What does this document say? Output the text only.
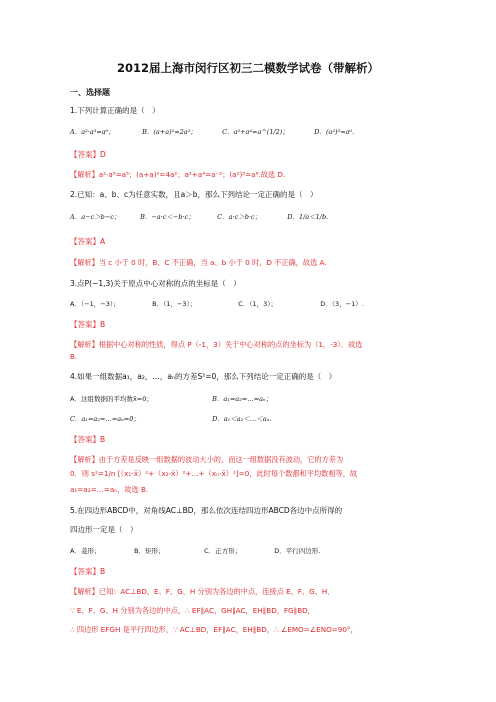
2012届上海市闵行区初三二模数学试卷（带解析）
一、选择题
1.下列计算正确的是（　）
A．a²·a³=a⁶；	B．(a+a)²=2a²；	C．a²+a⁴=a^(1/2)；	D．(a²)³=a⁶.
【答案】D
【解析】a²·a³=a⁵；(a+a)²=4a²；a²+a⁴=a⁻²；(a²)³=a⁶.故选 D.
2.已知：a、b、c为任意实数，且a＞b，那么下列结论一定正确的是（　）
A．a−c＞b−c；	B．−a·c＜−b·c；	C．a·c＞b·c；	D．1/a＜1/b.
【答案】A
【解析】当 c 小于 0 时，B、C 不正确，当 a、b 小于 0 时，D 不正确，故选 A.
3.点P(−1,3)关于原点中心对称的点的坐标是（　）
A．（−1，−3）；	B．（1，−3）；	C．（1，3）；	D．（3，−1）.
【答案】B
【解析】根据中心对称的性质，得点 P（-1，3）关于中心对称的点的坐标为（1，-3）．故选
B.
4.如果一组数据a₁，a₂，…，aₙ的方差S²=0，那么下列结论一定正确的是（　）
A．这组数据的平均数x̄=0；	B．a₁=a₂=…=aₙ；
C．a₁=a₂=…=aₙ=0；	D．a₁＜a₂＜…＜aₙ.
【答案】B
【解析】由于方差是反映一组数据的波动大小的，而这一组数据没有波动，它的方差为
0．则 s²=1/n [（x₁-x̄）²+（x₂-x̄）²+…+（xₙ-x̄）²]=0，此时每个数都和平均数相等，故
a₁=a₂=…=aₙ，故选 B.
5.在四边形ABCD中，对角线AC⊥BD，那么依次连结四边形ABCD各边中点所得的
四边形一定是（　）
A．菱形；	B．矩形；	C．正方形；	D．平行四边形.
【答案】B
【解析】已知：AC⊥BD，E、F、G、H 分别为各边的中点，连接点 E、F、G、H．
∵ E、F、G、H 分别为各边的中点，∴ EF∥AC，GH∥AC，EH∥BD，FG∥BD，
∴ 四边形 EFGH 是平行四边形，∵ AC⊥BD，EF∥AC，EH∥BD，∴ ∠EMO=∠ENO=90°，
